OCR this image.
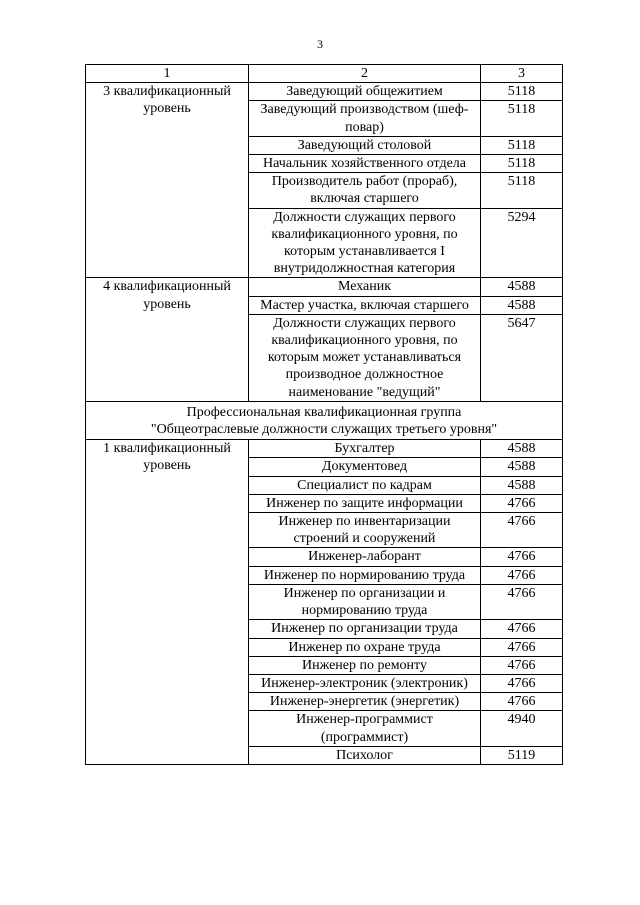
3
1	2	3
3 квалификационный уровень	Заведующий общежитием	5118
	Заведующий производством (шеф-повар)	5118
	Заведующий столовой	5118
	Начальник хозяйственного отдела	5118
	Производитель работ (прораб), включая старшего	5118
	Должности служащих первого квалификационного уровня, по которым устанавливается I внутридолжностная категория	5294
4 квалификационный уровень	Механик	4588
	Мастер участка, включая старшего	4588
	Должности служащих первого квалификационного уровня, по которым может устанавливаться производное должностное наименование "ведущий"	5647

Профессиональная квалификационная группа
"Общеотраслевые должности служащих третьего уровня"		

1 квалификационный уровень	Бухгалтер	4588
	Документовед	4588
	Специалист по кадрам	4588
	Инженер по защите информации	4766
	Инженер по инвентаризации строений и сооружений	4766
	Инженер-лаборант	4766
	Инженер по нормированию труда	4766
	Инженер по организации и нормированию труда	4766
	Инженер по организации труда	4766
	Инженер по охране труда	4766
	Инженер по ремонту	4766
	Инженер-электроник (электроник)	4766
	Инженер-энергетик (энергетик)	4766
	Инженер-программист (программист)	4940
	Психолог	5119
